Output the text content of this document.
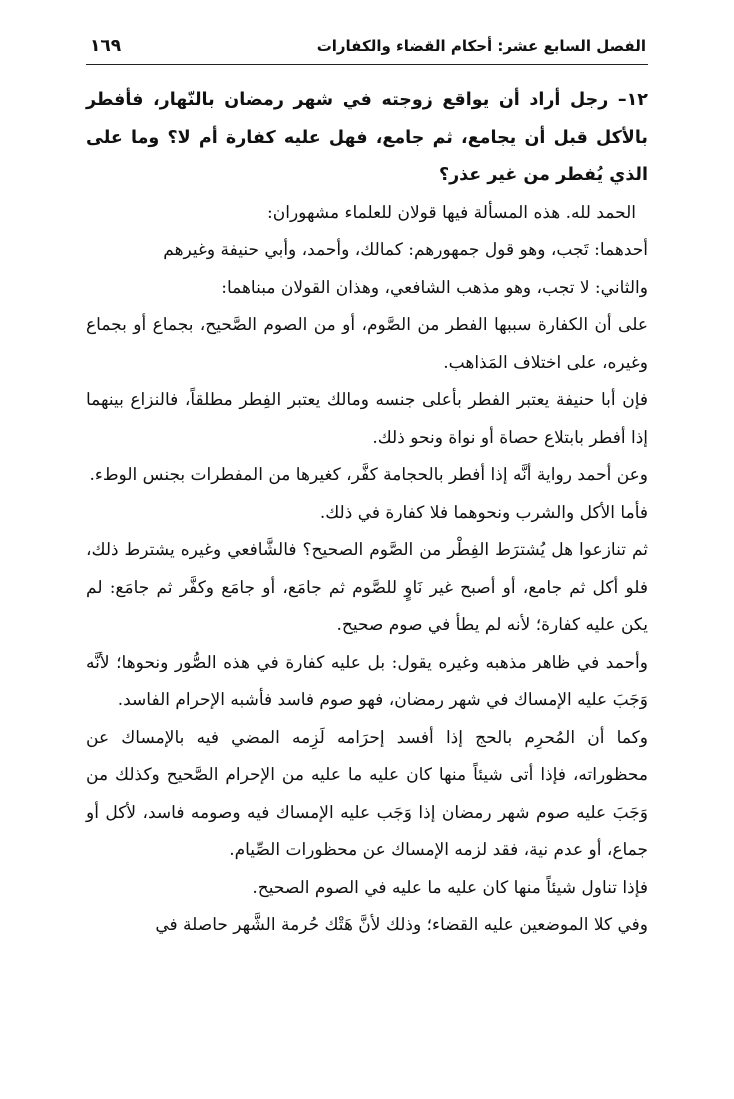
الفصل السابع عشر: أحكام القضاء والكفارات
١٦٩

١٢– رجل أراد أن يواقع زوجته في شهر رمضان بالنّهار، فأفطر بالأكل قبل أن يجامع، ثم جامع، فهل عليه كفارة أم لا؟ وما على الذي يُفطر من غير عذر؟

الحمد لله. هذه المسألة فيها قولان للعلماء مشهوران:

أحدهما: تَجب، وهو قول جمهورهم: كمالك، وأحمد، وأبي حنيفة وغيرهم

والثاني: لا تجب، وهو مذهب الشافعي، وهذان القولان مبناهما:

على أن الكفارة سببها الفطر من الصَّوم، أو من الصوم الصَّحيح، بجماع أو بجماع وغيره، على اختلاف المَذاهب.

فإن أبا حنيفة يعتبر الفطر بأعلى جنسه ومالك يعتبر الفِطر مطلقاً، فالنزاع بينهما إذا أفطر بابتلاع حصاة أو نواة ونحو ذلك.

وعن أحمد رواية أنَّه إذا أفطر بالحجامة كفَّر، كغيرها من المفطرات بجنس الوطء.

فأما الأكل والشرب ونحوهما فلا كفارة في ذلك.

ثم تنازعوا هل يُشترَط الفِطْر من الصَّوم الصحيح؟ فالشَّافعي وغيره يشترط ذلك، فلو أكل ثم جامع، أو أصبح غير نَاوٍ للصَّوم ثم جامَع، أو جامَع وكفَّر ثم جامَع: لم يكن عليه كفارة؛ لأنه لم يطأ في صوم صحيح.

وأحمد في ظاهر مذهبه وغيره يقول: بل عليه كفارة في هذه الصُّور ونحوها؛ لأنَّه وَجَبَ عليه الإمساك في شهر رمضان، فهو صوم فاسد فأشبه الإحرام الفاسد.

وكما أن المُحرِم بالحج إذا أفسد إحرَامه لَزِمه المضي فيه بالإمساك عن محظوراته، فإذا أتى شيئاً منها كان عليه ما عليه من الإحرام الصَّحيح وكذلك من وَجَبَ عليه صوم شهر رمضان إذا وَجَب عليه الإمساك فيه وصومه فاسد، لأكل أو جماع، أو عدم نية، فقد لزمه الإمساك عن محظورات الصِّيام.

فإذا تناول شيئاً منها كان عليه ما عليه في الصوم الصحيح.

وفي كلا الموضعين عليه القضاء؛ وذلك لأنَّ هَتْك حُرمة الشَّهر حاصلة في
